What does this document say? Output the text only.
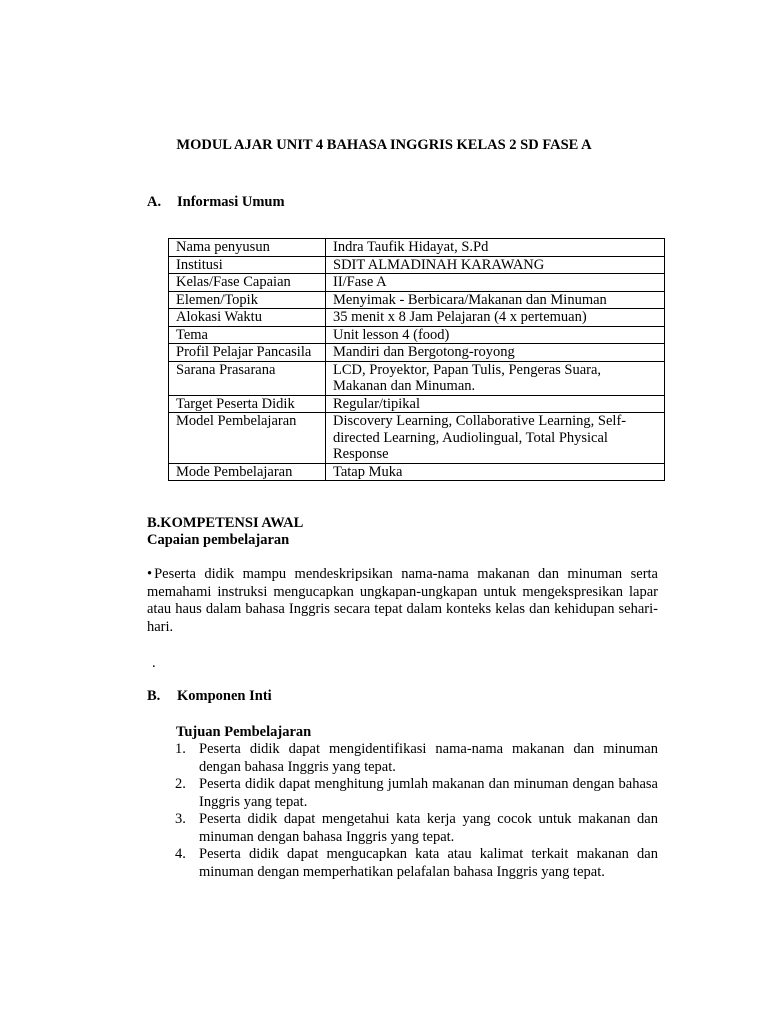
MODUL AJAR UNIT 4 BAHASA INGGRIS KELAS 2 SD FASE A
A. Informasi Umum
Nama penyusun	Indra Taufik Hidayat, S.Pd
Institusi	SDIT ALMADINAH KARAWANG
Kelas/Fase Capaian	II/Fase A
Elemen/Topik	Menyimak - Berbicara/Makanan dan Minuman
Alokasi Waktu	35 menit x 8 Jam Pelajaran (4 x pertemuan)
Tema	Unit lesson 4 (food)
Profil Pelajar Pancasila	Mandiri dan Bergotong-royong
Sarana Prasarana	LCD, Proyektor, Papan Tulis, Pengeras Suara, Makanan dan Minuman.
Target Peserta Didik	Regular/tipikal
Model Pembelajaran	Discovery Learning, Collaborative Learning, Self-directed Learning, Audiolingual, Total Physical Response
Mode Pembelajaran	Tatap Muka
B.KOMPETENSI AWAL
Capaian pembelajaran
• Peserta didik mampu mendeskripsikan nama-nama makanan dan minuman serta memahami instruksi mengucapkan ungkapan-ungkapan untuk mengekspresikan lapar atau haus dalam bahasa Inggris secara tepat dalam konteks kelas dan kehidupan sehari-hari.
.
B. Komponen Inti
Tujuan Pembelajaran
1. Peserta didik dapat mengidentifikasi nama-nama makanan dan minuman dengan bahasa Inggris yang tepat.
2. Peserta didik dapat menghitung jumlah makanan dan minuman dengan bahasa Inggris yang tepat.
3. Peserta didik dapat mengetahui kata kerja yang cocok untuk makanan dan minuman dengan bahasa Inggris yang tepat.
4. Peserta didik dapat mengucapkan kata atau kalimat terkait makanan dan minuman dengan memperhatikan pelafalan bahasa Inggris yang tepat.
